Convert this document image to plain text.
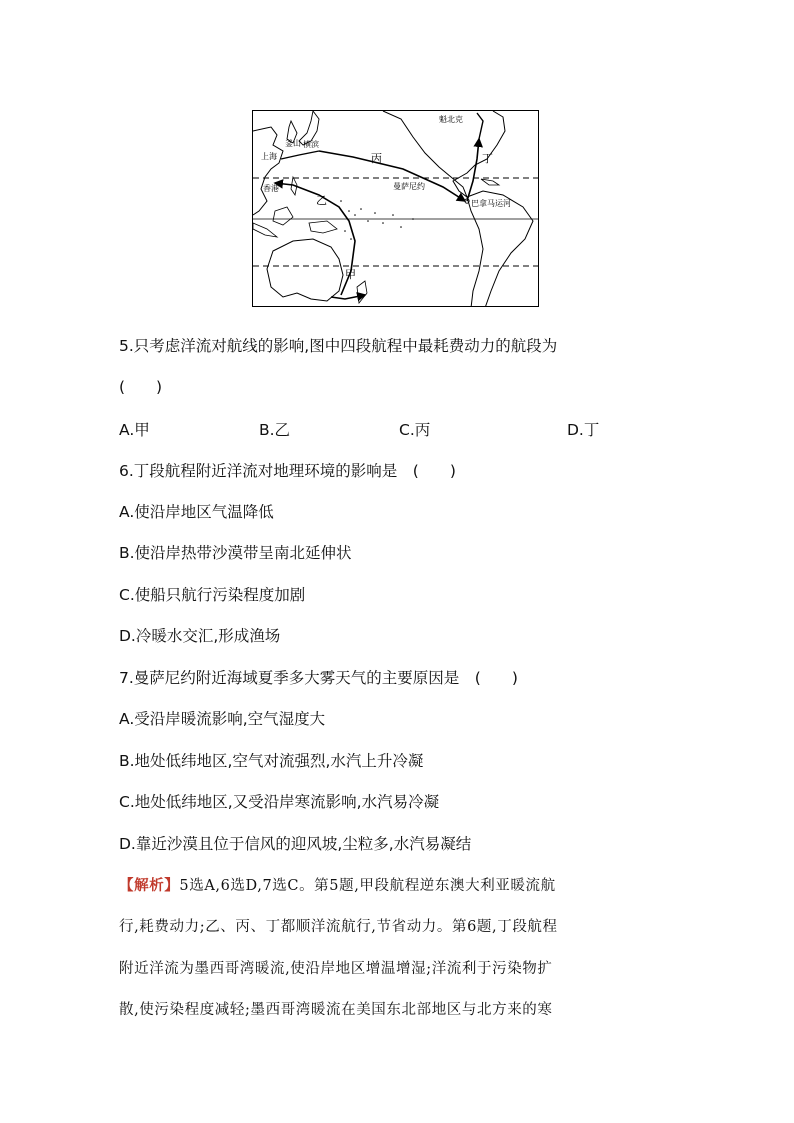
上海
釜山 横滨
香港
魁北克
曼萨尼约
巴拿马运河
丙	丁
乙
甲
5.只考虑洋流对航线的影响,图中四段航程中最耗费动力的航段为
(　　)
A.甲	B.乙	C.丙	D.丁
6.丁段航程附近洋流对地理环境的影响是　(　　)
A.使沿岸地区气温降低
B.使沿岸热带沙漠带呈南北延伸状
C.使船只航行污染程度加剧
D.冷暖水交汇,形成渔场
7.曼萨尼约附近海域夏季多大雾天气的主要原因是　(　　)
A.受沿岸暖流影响,空气湿度大
B.地处低纬地区,空气对流强烈,水汽上升冷凝
C.地处低纬地区,又受沿岸寒流影响,水汽易冷凝
D.靠近沙漠且位于信风的迎风坡,尘粒多,水汽易凝结
【解析】5选A,6选D,7选C。第5题,甲段航程逆东澳大利亚暖流航
行,耗费动力;乙、丙、丁都顺洋流航行,节省动力。第6题,丁段航程
附近洋流为墨西哥湾暖流,使沿岸地区增温增湿;洋流利于污染物扩
散,使污染程度减轻;墨西哥湾暖流在美国东北部地区与北方来的寒
